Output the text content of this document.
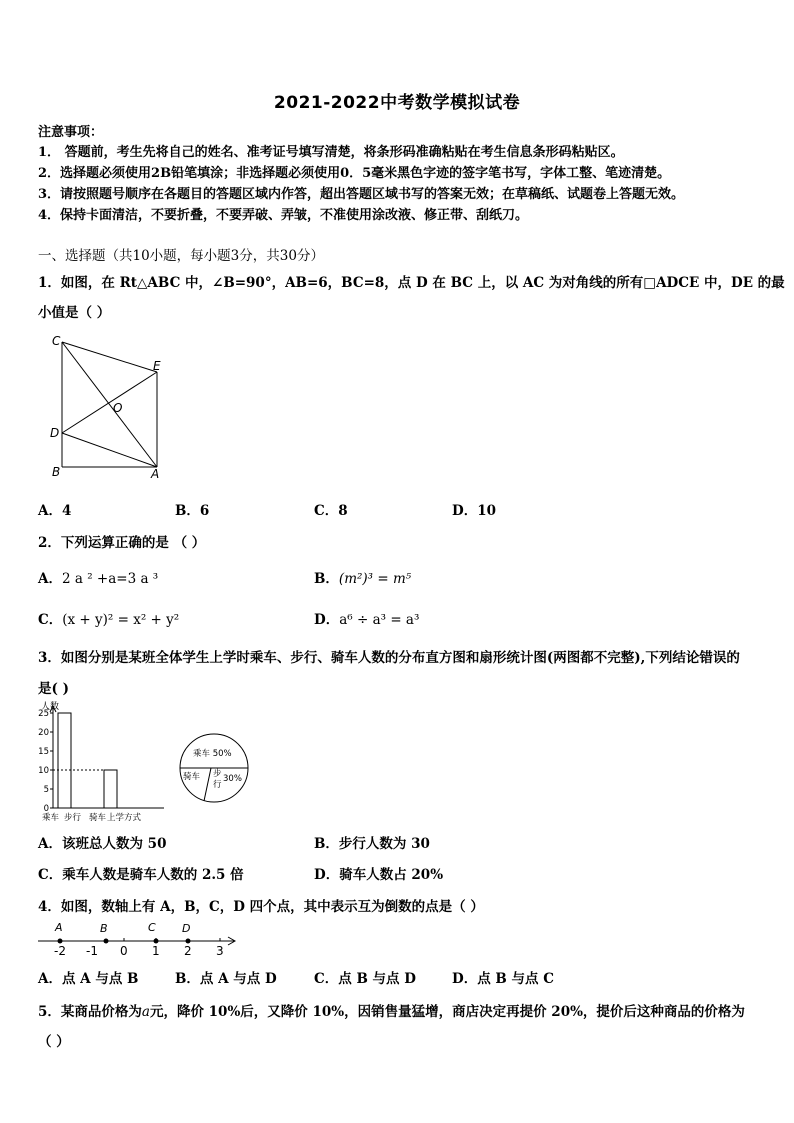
2021-2022中考数学模拟试卷
注意事项：
1． 答题前，考生先将自己的姓名、准考证号填写清楚，将条形码准确粘贴在考生信息条形码粘贴区。
2．选择题必须使用2B铅笔填涂；非选择题必须使用0．5毫米黑色字迹的签字笔书写，字体工整、笔迹清楚。
3．请按照题号顺序在各题目的答题区域内作答，超出答题区域书写的答案无效；在草稿纸、试题卷上答题无效。
4．保持卡面清洁，不要折叠，不要弄破、弄皱，不准使用涂改液、修正带、刮纸刀。
一、选择题（共10小题，每小题3分，共30分）
1．如图，在 Rt△ABC 中，∠B=90°，AB=6，BC=8，点 D 在 BC 上，以 AC 为对角线的所有□ADCE 中，DE 的最
小值是（ ）
C
E
O
D
B	A
A．4	B．6	C．8	D．10
2．下列运算正确的是 （ ）
A．2 a ² +a=3 a ³	B．(m²)³ = m⁵
C．(x + y)² = x² + y²	D．a⁶ ÷ a³ = a³
3．如图分别是某班全体学生上学时乘车、步行、骑车人数的分布直方图和扇形统计图(两图都不完整),下列结论错误的
是( )
人数
0
5
10
15
20
25
乘车 步行 骑车 上学方式
乘车 50%
骑车 步
行
30%
A．该班总人数为 50	B．步行人数为 30
C．乘车人数是骑车人数的 2.5 倍	D．骑车人数占 20%
4．如图，数轴上有 A，B，C，D 四个点，其中表示互为倒数的点是（ ）
-2 -1 0 1 2 3
A	B	C D
A．点 A 与点 B	B．点 A 与点 D	C．点 B 与点 D	D．点 B 与点 C
5．某商品价格为a元，降价 10%后，又降价 10%，因销售量猛增，商店决定再提价 20%，提价后这种商品的价格为
（ ）
